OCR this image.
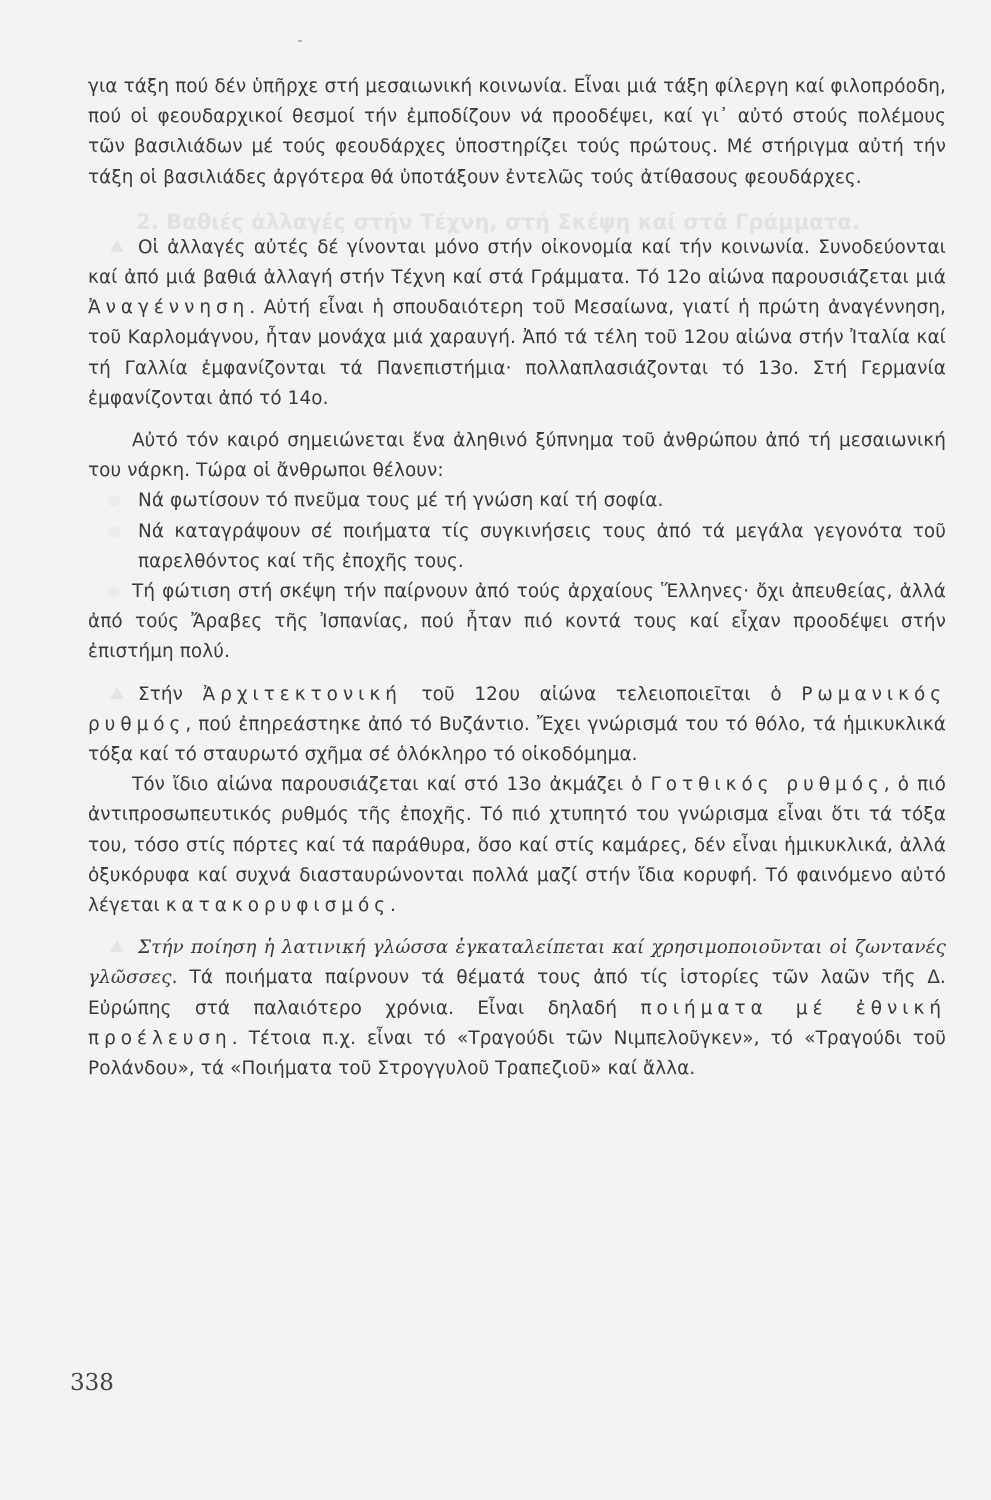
για τάξη πού δέν ὑπῆρχε στή μεσαιωνική κοινωνία. Εἶναι μιά τάξη φίλεργη καί φιλοπρόοδη, πού οἱ φεουδαρχικοί θεσμοί τήν ἐμποδίζουν νά προοδέψει, καί γι᾽ αὐτό στούς πολέμους τῶν βασιλιάδων μέ τούς φεουδάρχες ὑποστηρίζει τούς πρώτους. Μέ στήριγμα αὐτή τήν τάξη οἱ βασιλιάδες ἀργότερα θά ὑποτάξουν ἐντελῶς τούς ἀτίθασους φεουδάρχες.

2. Βαθιές ἀλλαγές στήν Τέχνη, στή Σκέψη καί στά Γράμματα.

Οἱ ἀλλαγές αὐτές δέ γίνονται μόνο στήν οἰκονομία καί τήν κοινωνία. Συνοδεύονται καί ἀπό μιά βαθιά ἀλλαγή στήν Τέχνη καί στά Γράμματα. Τό 12ο αἰώνα παρουσιάζεται μιά Ἀναγέννηση. Αὐτή εἶναι ἡ σπουδαιότερη τοῦ Μεσαίωνα, γιατί ἡ πρώτη ἀναγέννηση, τοῦ Καρλομάγνου, ἦταν μονάχα μιά χαραυγή. Ἀπό τά τέλη τοῦ 12ου αἰώνα στήν Ἰταλία καί τή Γαλλία ἐμφανίζονται τά Πανεπιστήμια· πολλαπλασιάζονται τό 13ο. Στή Γερμανία ἐμφανίζονται ἀπό τό 14ο.

Αὐτό τόν καιρό σημειώνεται ἕνα ἀληθινό ξύπνημα τοῦ ἀνθρώπου ἀπό τή μεσαιωνική του νάρκη. Τώρα οἱ ἄνθρωποι θέλουν:

Νά φωτίσουν τό πνεῦμα τους μέ τή γνώση καί τή σοφία.
Νά καταγράψουν σέ ποιήματα τίς συγκινήσεις τους ἀπό τά μεγάλα γεγονότα τοῦ παρελθόντος καί τῆς ἐποχῆς τους.

Τή φώτιση στή σκέψη τήν παίρνουν ἀπό τούς ἀρχαίους Ἕλληνες· ὄχι ἀπευθείας, ἀλλά ἀπό τούς Ἄραβες τῆς Ἰσπανίας, πού ἦταν πιό κοντά τους καί εἶχαν προοδέψει στήν ἐπιστήμη πολύ.

Στήν Ἀρχιτεκτονική τοῦ 12ου αἰώνα τελειοποιεῖται ὁ Ρωμανικός ρυθμός, πού ἐπηρεάστηκε ἀπό τό Βυζάντιο. Ἔχει γνώρισμά του τό θόλο, τά ἡμικυκλικά τόξα καί τό σταυρωτό σχῆμα σέ ὁλόκληρο τό οἰκοδόμημα.

Τόν ἴδιο αἰώνα παρουσιάζεται καί στό 13ο ἀκμάζει ὁ Γοτθικός ρυθμός, ὁ πιό ἀντιπροσωπευτικός ρυθμός τῆς ἐποχῆς. Τό πιό χτυπητό του γνώρισμα εἶναι ὅτι τά τόξα του, τόσο στίς πόρτες καί τά παράθυρα, ὅσο καί στίς καμάρες, δέν εἶναι ἡμικυκλικά, ἀλλά ὀξυκόρυφα καί συχνά διασταυρώνονται πολλά μαζί στήν ἴδια κορυφή. Τό φαινόμενο αὐτό λέγεται κατακορυφισμός.

Στήν ποίηση ἡ λατινική γλώσσα ἐγκαταλείπεται καί χρησιμοποιοῦνται οἱ ζωντανές γλῶσσες. Τά ποιήματα παίρνουν τά θέματά τους ἀπό τίς ἱστορίες τῶν λαῶν τῆς Δ. Εὐρώπης στά παλαιότερο χρόνια. Εἶναι δηλαδή ποιήματα μέ ἐθνική προέλευση. Τέτοια π.χ. εἶναι τό «Τραγούδι τῶν Νιμπελοῦγκεν», τό «Τραγούδι τοῦ Ρολάνδου», τά «Ποιήματα τοῦ Στρογγυλοῦ Τραπεζιοῦ» καί ἄλλα.

338
